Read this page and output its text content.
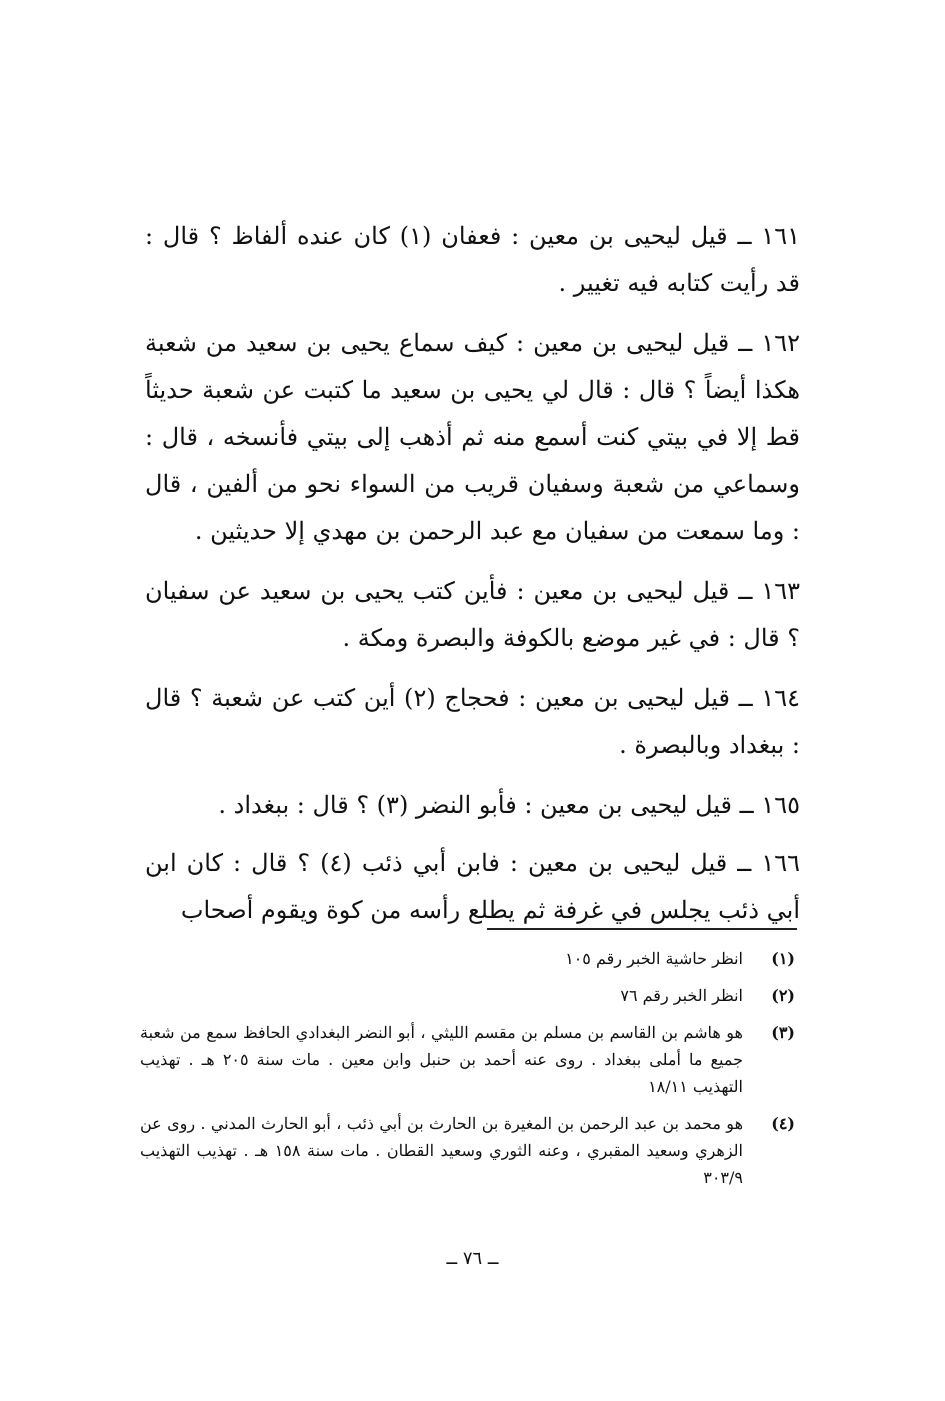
١٦١ ــ قيل ليحيى بن معين : فعفان (١) كان عنده ألفاظ ؟ قال : قد رأيت كتابه فيه تغيير .

١٦٢ ــ قيل ليحيى بن معين : كيف سماع يحيى بن سعيد من شعبة هكذا أيضاً ؟ قال : قال لي يحيى بن سعيد ما كتبت عن شعبة حديثاً قط إلا في بيتي كنت أسمع منه ثم أذهب إلى بيتي فأنسخه ، قال : وسماعي من شعبة وسفيان قريب من السواء نحو من ألفين ، قال : وما سمعت من سفيان مع عبد الرحمن بن مهدي إلا حديثين .

١٦٣ ــ قيل ليحيى بن معين : فأين كتب يحيى بن سعيد عن سفيان ؟ قال : في غير موضع بالكوفة والبصرة ومكة .

١٦٤ ــ قيل ليحيى بن معين : فحجاج (٢) أين كتب عن شعبة ؟ قال : ببغداد وبالبصرة .

١٦٥ ــ قيل ليحيى بن معين : فأبو النضر (٣) ؟ قال : ببغداد .

١٦٦ ــ قيل ليحيى بن معين : فابن أبي ذئب (٤) ؟ قال : كان ابن أبي ذئب يجلس في غرفة ثم يطلع رأسه من كوة ويقوم أصحاب

(١)
انظر حاشية الخبر رقم ١٠٥
(٢)
انظر الخبر رقم ٧٦
(٣)
هو هاشم بن القاسم بن مسلم بن مقسم الليثي ، أبو النضر البغدادي الحافظ سمع من شعبة جميع ما أملى ببغداد . روى عنه أحمد بن حنبل وابن معين . مات سنة ٢٠٥ هـ . تهذيب التهذيب ١٨/١١
(٤)
هو محمد بن عبد الرحمن بن المغيرة بن الحارث بن أبي ذئب ، أبو الحارث المدني . روى عن الزهري وسعيد المقبري ، وعنه الثوري وسعيد القطان . مات سنة ١٥٨ هـ . تهذيب التهذيب ٣٠٣/٩
ــ ٧٦ ــ
